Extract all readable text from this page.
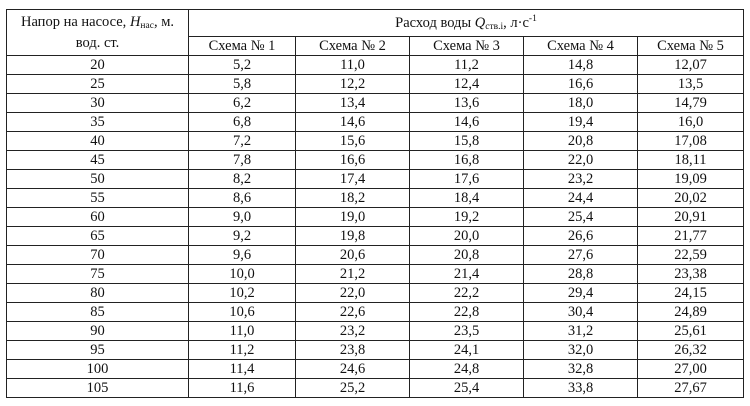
Напор на насосе, $H_{нас}$, м. вод. ст.	Расход воды $Q_{ств.i}$, $л\cdot с^{-1}$
	Схема № 1	Схема № 2	Схема № 3	Схема № 4	Схема № 5
20	5,2	11,0	11,2	14,8	12,07
25	5,8	12,2	12,4	16,6	13,5
30	6,2	13,4	13,6	18,0	14,79
35	6,8	14,6	14,6	19,4	16,0
40	7,2	15,6	15,8	20,8	17,08
45	7,8	16,6	16,8	22,0	18,11
50	8,2	17,4	17,6	23,2	19,09
55	8,6	18,2	18,4	24,4	20,02
60	9,0	19,0	19,2	25,4	20,91
65	9,2	19,8	20,0	26,6	21,77
70	9,6	20,6	20,8	27,6	22,59
75	10,0	21,2	21,4	28,8	23,38
80	10,2	22,0	22,2	29,4	24,15
85	10,6	22,6	22,8	30,4	24,89
90	11,0	23,2	23,5	31,2	25,61
95	11,2	23,8	24,1	32,0	26,32
100	11,4	24,6	24,8	32,8	27,00
105	11,6	25,2	25,4	33,8	27,67
